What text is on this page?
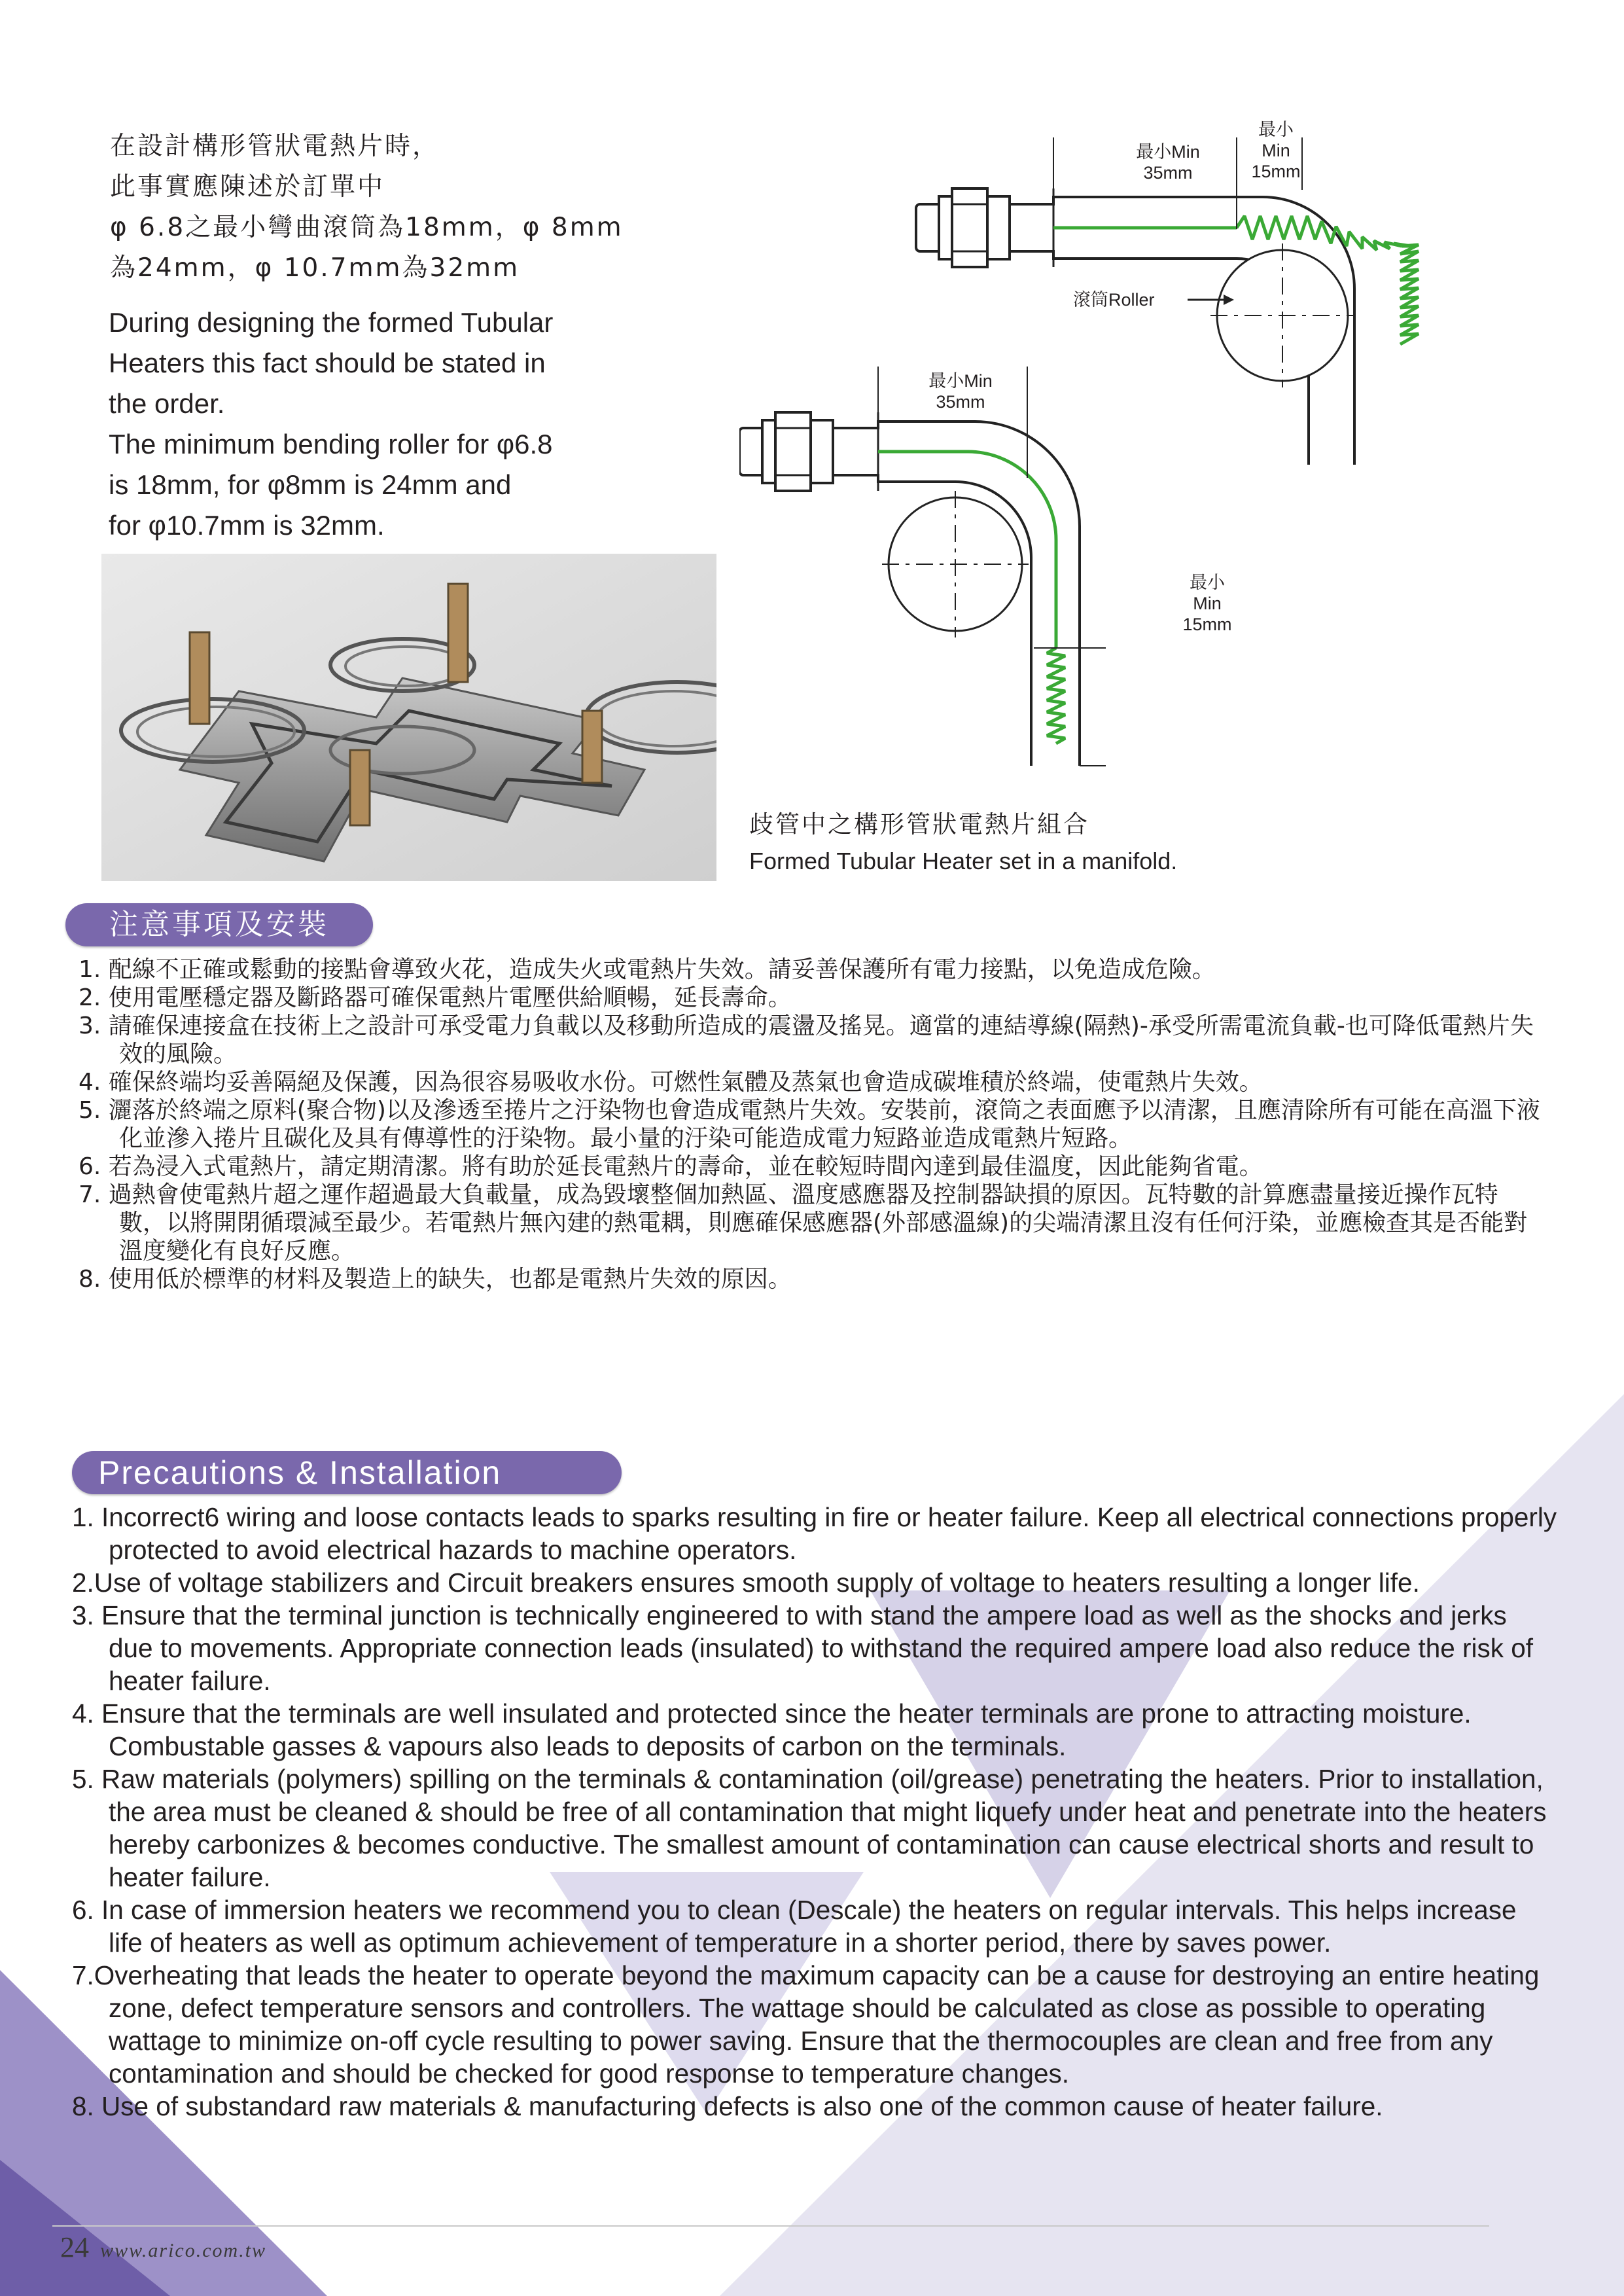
在設計構形管狀電熱片時，
此事實應陳述於訂單中
φ 6.8之最小彎曲滾筒為18mm，φ 8mm
為24mm，φ 10.7mm為32mm
During designing the formed Tubular
Heaters this fact should be stated in
the order.
The minimum bending roller for φ6.8
is 18mm, for φ8mm is 24mm and
for φ10.7mm is 32mm.
最小Min
35mm
最小
Min
15mm
滾筒Roller
最小Min
35mm
最小
Min
15mm
歧管中之構形管狀電熱片組合
Formed Tubular Heater set in a manifold.
注意事項及安裝
1. 配線不正確或鬆動的接點會導致火花，造成失火或電熱片失效。請妥善保護所有電力接點，以免造成危險。
2. 使用電壓穩定器及斷路器可確保電熱片電壓供給順暢，延長壽命。
3. 請確保連接盒在技術上之設計可承受電力負載以及移動所造成的震盪及搖晃。適當的連結導線(隔熱)-承受所需電流負載-也可降低電熱片失效的風險。
4. 確保終端均妥善隔絕及保護，因為很容易吸收水份。可燃性氣體及蒸氣也會造成碳堆積於終端，使電熱片失效。
5. 灑落於終端之原料(聚合物)以及滲透至捲片之汙染物也會造成電熱片失效。安裝前，滾筒之表面應予以清潔，且應清除所有可能在高溫下液化並滲入捲片且碳化及具有傳導性的汙染物。最小量的汙染可能造成電力短路並造成電熱片短路。
6. 若為浸入式電熱片，請定期清潔。將有助於延長電熱片的壽命，並在較短時間內達到最佳溫度，因此能夠省電。
7. 過熱會使電熱片超之運作超過最大負載量，成為毀壞整個加熱區、溫度感應器及控制器缺損的原因。瓦特數的計算應盡量接近操作瓦特數，以將開閉循環減至最少。若電熱片無內建的熱電耦，則應確保感應器(外部感溫線)的尖端清潔且沒有任何汙染，並應檢查其是否能對溫度變化有良好反應。
8. 使用低於標準的材料及製造上的缺失，也都是電熱片失效的原因。
Precautions & Installation
1. Incorrect6 wiring and loose contacts leads to sparks resulting in fire or heater failure. Keep all electrical connections properly protected to avoid electrical hazards to machine operators.
2.Use of voltage stabilizers and Circuit breakers ensures smooth supply of voltage to heaters resulting a longer life.
3. Ensure that the terminal junction is technically engineered to with stand the ampere load as well as the shocks and jerks due to movements. Appropriate connection leads (insulated) to withstand the required ampere load also reduce the risk of heater failure.
4. Ensure that the terminals are well insulated and protected since the heater terminals are prone to attracting moisture. Combustable gasses & vapours also leads to deposits of carbon on the terminals.
5. Raw materials (polymers) spilling on the terminals & contamination (oil/grease) penetrating the heaters. Prior to installation, the area must be cleaned & should be free of all contamination that might liquefy under heat and penetrate into the heaters hereby carbonizes & becomes conductive. The smallest amount of contamination can cause electrical shorts and result to heater failure.
6. In case of immersion heaters we recommend you to clean (Descale) the heaters on regular intervals. This helps increase life of heaters as well as optimum achievement of temperature in a shorter period, there by saves power.
7.Overheating that leads the heater to operate beyond the maximum capacity can be a cause for destroying an entire heating zone, defect temperature sensors and controllers. The wattage should be calculated as close as possible to operating wattage to minimize on-off cycle resulting to power saving. Ensure that the thermocouples are clean and free from any contamination and should be checked for good response to temperature changes.
8. Use of substandard raw materials & manufacturing defects is also one of the common cause of heater failure.
24 www.arico.com.tw
